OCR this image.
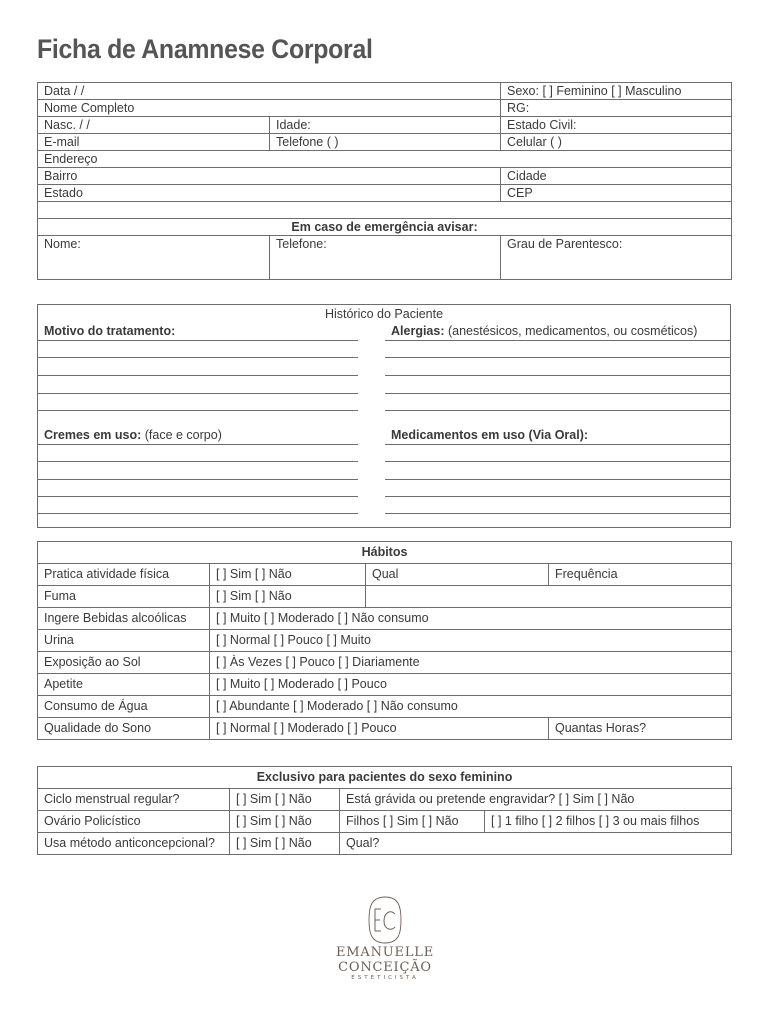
Ficha de Anamnese Corporal
Data / /		Sexo: [ ] Feminino [ ] Masculino
Nome Completo		RG:
Nasc. / /	Idade:	Estado Civil:
E-mail	Telefone ( )	Celular ( )
Endereço		
Bairro		Cidade
Estado		CEP

Em caso de emergência avisar:		
Nome:	Telefone:	Grau de Parentesco:
Histórico do Paciente
Motivo do tratamento:	Alergias: (anestésicos, medicamentos, ou cosméticos)
Cremes em uso: (face e corpo)	Medicamentos em uso (Via Oral):
Hábitos			
Pratica atividade física	[ ] Sim [ ] Não	Qual	Frequência
Fuma	[ ] Sim [ ] Não		
Ingere Bebidas alcoólicas	[ ] Muito [ ] Moderado [ ] Não consumo		
Urina	[ ] Normal [ ] Pouco [ ] Muito		
Exposição ao Sol	[ ] Às Vezes [ ] Pouco [ ] Diariamente		
Apetite	[ ] Muito [ ] Moderado [ ] Pouco		
Consumo de Água	[ ] Abundante [ ] Moderado [ ] Não consumo		
Qualidade do Sono	[ ] Normal [ ] Moderado [ ] Pouco		Quantas Horas?
Exclusivo para pacientes do sexo feminino			
Ciclo menstrual regular?	[ ] Sim [ ] Não	Está grávida ou pretende engravidar? [ ] Sim [ ] Não	
Ovário Policístico	[ ] Sim [ ] Não	Filhos [ ] Sim [ ] Não	[ ] 1 filho [ ] 2 filhos [ ] 3 ou mais filhos
Usa método anticoncepcional?	[ ] Sim [ ] Não	Qual?	
EMANUELLE CONCEIÇÃO
ESTETICISTA
